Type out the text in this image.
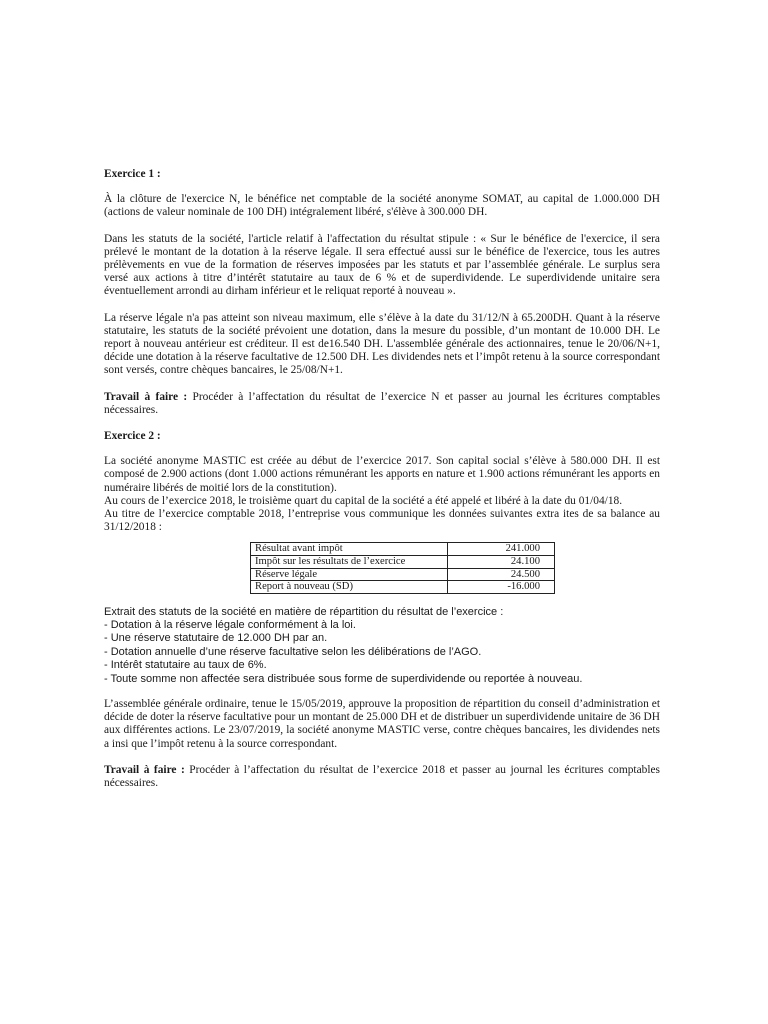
Exercice 1 :

À la clôture de l'exercice N, le bénéfice net comptable de la société anonyme SOMAT, au capital de 1.000.000 DH (actions de valeur nominale de 100 DH) intégralement libéré, s'élève à 300.000 DH.

Dans les statuts de la société, l'article relatif à l'affectation du résultat stipule : « Sur le bénéfice de l'exercice, il sera prélevé le montant de la dotation à la réserve légale. Il sera effectué aussi sur le bénéfice de l'exercice, tous les autres prélèvements en vue de la formation de réserves imposées par les statuts et par l’assemblée générale. Le surplus sera versé aux actions à titre d’intérêt statutaire au taux de 6 % et de superdividende. Le superdividende unitaire sera éventuellement arrondi au dirham inférieur et le reliquat reporté à nouveau ».

La réserve légale n'a pas atteint son niveau maximum, elle s’élève à la date du 31/12/N à 65.200DH. Quant à la réserve statutaire, les statuts de la société prévoient une dotation, dans la mesure du possible, d’un montant de 10.000 DH. Le report à nouveau antérieur est créditeur. Il est de16.540 DH. L'assemblée générale des actionnaires, tenue le 20/06/N+1, décide une dotation à la réserve facultative de 12.500 DH. Les dividendes nets et l’impôt retenu à la source correspondant sont versés, contre chèques bancaires, le 25/08/N+1.

Travail à faire : Procéder à l’affectation du résultat de l’exercice N et passer au journal les écritures comptables nécessaires.

Exercice 2 :

La société anonyme MASTIC est créée au début de l’exercice 2017. Son capital social s’élève à 580.000 DH. Il est composé de 2.900 actions (dont 1.000 actions rémunérant les apports en nature et 1.900 actions rémunérant les apports en numéraire libérés de moitié lors de la constitution).

Au cours de l’exercice 2018, le troisième quart du capital de la société a été appelé et libéré à la date du 01/04/18.

Au titre de l’exercice comptable 2018, l’entreprise vous communique les données suivantes extra ites de sa balance au 31/12/2018 :

Résultat avant impôt	241.000
Impôt sur les résultats de l’exercice	24.100
Réserve légale	24.500
Report à nouveau (SD)	-16.000
Extrait des statuts de la société en matière de répartition du résultat de l’exercice :
- Dotation à la réserve légale conformément à la loi.
- Une réserve statutaire de 12.000 DH par an.
- Dotation annuelle d’une réserve facultative selon les délibérations de l’AGO.
- Intérêt statutaire au taux de 6%.
- Toute somme non affectée sera distribuée sous forme de superdividende ou reportée à nouveau.

L’assemblée générale ordinaire, tenue le 15/05/2019, approuve la proposition de répartition du conseil d’administration et décide de doter la réserve facultative pour un montant de 25.000 DH et de distribuer un superdividende unitaire de 36 DH aux différentes actions. Le 23/07/2019, la société anonyme MASTIC verse, contre chèques bancaires, les dividendes nets a insi que l’impôt retenu à la source correspondant.

Travail à faire : Procéder à l’affectation du résultat de l’exercice 2018 et passer au journal les écritures comptables nécessaires.
